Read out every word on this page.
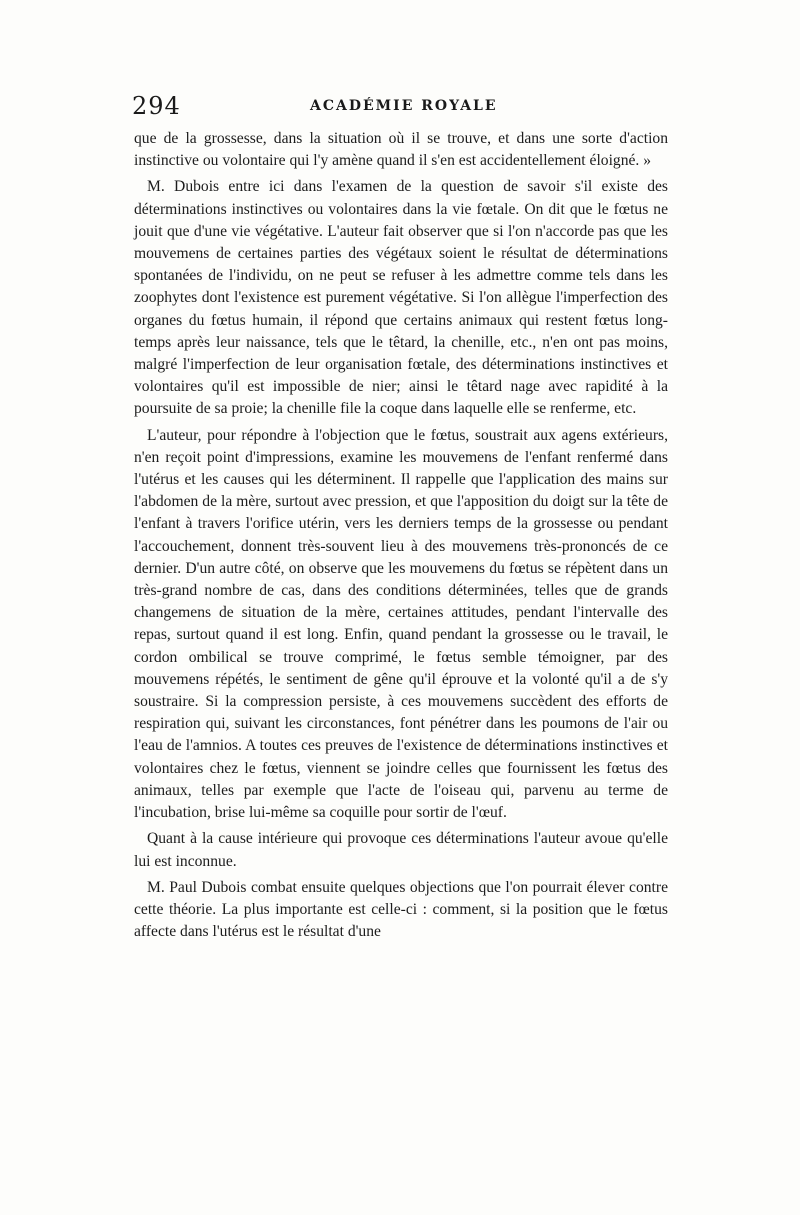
294	ACADÉMIE ROYALE

que de la grossesse, dans la situation où il se trouve, et dans une sorte d'action instinctive ou volontaire qui l'y amène quand il s'en est accidentellement éloigné. »

M. Dubois entre ici dans l'examen de la question de savoir s'il existe des déterminations instinctives ou volontaires dans la vie fœtale. On dit que le fœtus ne jouit que d'une vie végétative. L'auteur fait observer que si l'on n'accorde pas que les mouvemens de certaines parties des végétaux soient le résultat de déterminations spontanées de l'individu, on ne peut se refuser à les admettre comme tels dans les zoophytes dont l'existence est purement végétative. Si l'on allègue l'imperfection des organes du fœtus humain, il répond que certains animaux qui restent fœtus long-temps après leur naissance, tels que le têtard, la chenille, etc., n'en ont pas moins, malgré l'imperfection de leur organisation fœtale, des déterminations instinctives et volontaires qu'il est impossible de nier; ainsi le têtard nage avec rapidité à la poursuite de sa proie; la chenille file la coque dans laquelle elle se renferme, etc.

L'auteur, pour répondre à l'objection que le fœtus, soustrait aux agens extérieurs, n'en reçoit point d'impressions, examine les mouvemens de l'enfant renfermé dans l'utérus et les causes qui les déterminent. Il rappelle que l'application des mains sur l'abdomen de la mère, surtout avec pression, et que l'apposition du doigt sur la tête de l'enfant à travers l'orifice utérin, vers les derniers temps de la grossesse ou pendant l'accouchement, donnent très-souvent lieu à des mouvemens très-prononcés de ce dernier. D'un autre côté, on observe que les mouvemens du fœtus se répètent dans un très-grand nombre de cas, dans des conditions déterminées, telles que de grands changemens de situation de la mère, certaines attitudes, pendant l'intervalle des repas, surtout quand il est long. Enfin, quand pendant la grossesse ou le travail, le cordon ombilical se trouve comprimé, le fœtus semble témoigner, par des mouvemens répétés, le sentiment de gêne qu'il éprouve et la volonté qu'il a de s'y soustraire. Si la compression persiste, à ces mouvemens succèdent des efforts de respiration qui, suivant les circonstances, font pénétrer dans les poumons de l'air ou l'eau de l'amnios. A toutes ces preuves de l'existence de déterminations instinctives et volontaires chez le fœtus, viennent se joindre celles que fournissent les fœtus des animaux, telles par exemple que l'acte de l'oiseau qui, parvenu au terme de l'incubation, brise lui-même sa coquille pour sortir de l'œuf.

Quant à la cause intérieure qui provoque ces déterminations l'auteur avoue qu'elle lui est inconnue.

M. Paul Dubois combat ensuite quelques objections que l'on pourrait élever contre cette théorie. La plus importante est celle-ci : comment, si la position que le fœtus affecte dans l'utérus est le résultat d'une
